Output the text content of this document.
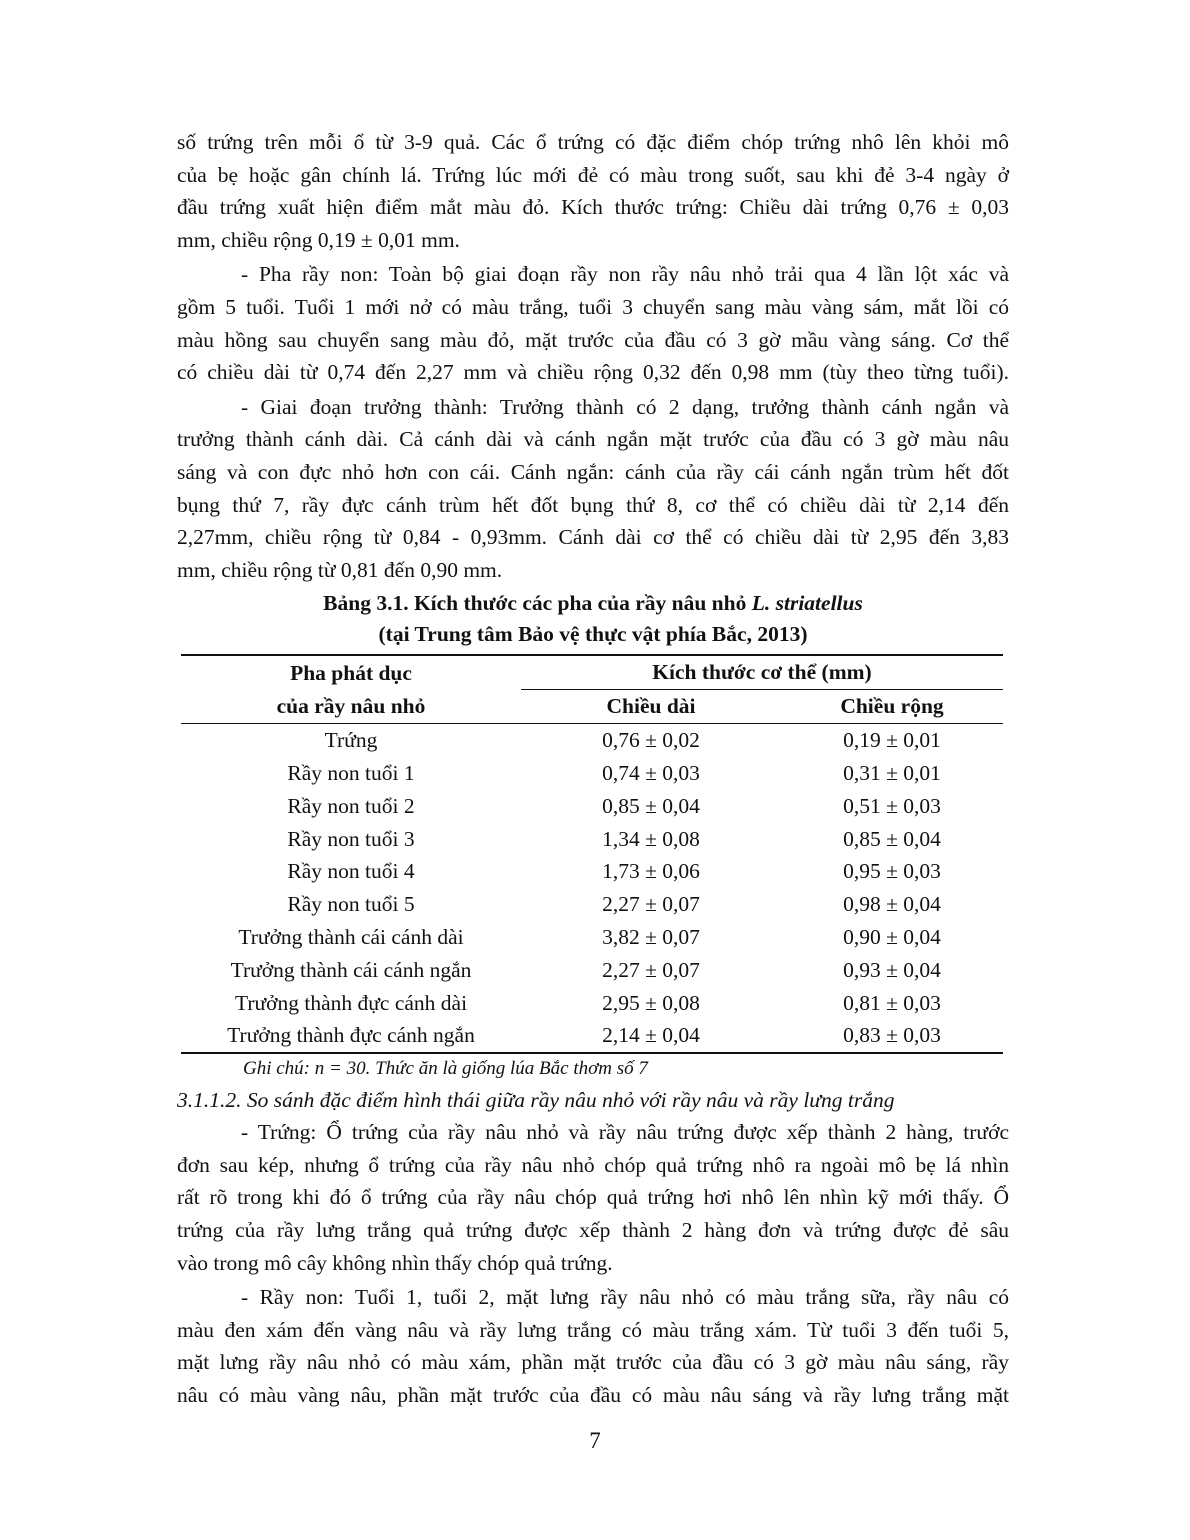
số trứng trên mỗi ổ từ 3-9 quả. Các ổ trứng có đặc điểm chóp trứng nhô lên khỏi mô
của bẹ hoặc gân chính lá. Trứng lúc mới đẻ có màu trong suốt, sau khi đẻ 3-4 ngày ở
đầu trứng xuất hiện điểm mắt màu đỏ. Kích thước trứng: Chiều dài trứng 0,76 ± 0,03
mm, chiều rộng 0,19 ± 0,01 mm.
- Pha rầy non: Toàn bộ giai đoạn rầy non rầy nâu nhỏ trải qua 4 lần lột xác và
gồm 5 tuổi. Tuổi 1 mới nở có màu trắng, tuổi 3 chuyển sang màu vàng sám, mắt lồi có
màu hồng sau chuyển sang màu đỏ, mặt trước của đầu có 3 gờ mầu vàng sáng. Cơ thể
có chiều dài từ 0,74 đến 2,27 mm và chiều rộng 0,32 đến 0,98 mm (tùy theo từng tuổi).
- Giai đoạn trưởng thành: Trưởng thành có 2 dạng, trưởng thành cánh ngắn và
trưởng thành cánh dài. Cả cánh dài và cánh ngắn mặt trước của đầu có 3 gờ màu nâu
sáng và con đực nhỏ hơn con cái. Cánh ngắn: cánh của rầy cái cánh ngắn trùm hết đốt
bụng thứ 7, rầy đực cánh trùm hết đốt bụng thứ 8, cơ thể có chiều dài từ 2,14 đến
2,27mm, chiều rộng từ 0,84 - 0,93mm. Cánh dài cơ thể có chiều dài từ 2,95 đến 3,83
mm, chiều rộng từ 0,81 đến 0,90 mm.
Bảng 3.1. Kích thước các pha của rầy nâu nhỏ L. striatellus
(tại Trung tâm Bảo vệ thực vật phía Bắc, 2013)
Pha phát dục	Kích thước cơ thể (mm)	
của rầy nâu nhỏ	Chiều dài	Chiều rộng
Trứng	0,76 ± 0,02	0,19 ± 0,01
Rầy non tuổi 1	0,74 ± 0,03	0,31 ± 0,01
Rầy non tuổi 2	0,85 ± 0,04	0,51 ± 0,03
Rầy non tuổi 3	1,34 ± 0,08	0,85 ± 0,04
Rầy non tuổi 4	1,73 ± 0,06	0,95 ± 0,03
Rầy non tuổi 5	2,27 ± 0,07	0,98 ± 0,04
Trưởng thành cái cánh dài	3,82 ± 0,07	0,90 ± 0,04
Trưởng thành cái cánh ngắn	2,27 ± 0,07	0,93 ± 0,04
Trưởng thành đực cánh dài	2,95 ± 0,08	0,81 ± 0,03
Trưởng thành đực cánh ngắn	2,14 ± 0,04	0,83 ± 0,03
Ghi chú: n = 30. Thức ăn là giống lúa Bắc thơm số 7
3.1.1.2. So sánh đặc điểm hình thái giữa rầy nâu nhỏ với rầy nâu và rầy lưng trắng
- Trứng: Ổ trứng của rầy nâu nhỏ và rầy nâu trứng được xếp thành 2 hàng, trước
đơn sau kép, nhưng ổ trứng của rầy nâu nhỏ chóp quả trứng nhô ra ngoài mô bẹ lá nhìn
rất rõ trong khi đó ổ trứng của rầy nâu chóp quả trứng hơi nhô lên nhìn kỹ mới thấy. Ổ
trứng của rầy lưng trắng quả trứng được xếp thành 2 hàng đơn và trứng được đẻ sâu
vào trong mô cây không nhìn thấy chóp quả trứng.
- Rầy non: Tuổi 1, tuổi 2, mặt lưng rầy nâu nhỏ có màu trắng sữa, rầy nâu có
màu đen xám đến vàng nâu và rầy lưng trắng có màu trắng xám. Từ tuổi 3 đến tuổi 5,
mặt lưng rầy nâu nhỏ có màu xám, phần mặt trước của đầu có 3 gờ màu nâu sáng, rầy
nâu có màu vàng nâu, phần mặt trước của đầu có màu nâu sáng và rầy lưng trắng mặt
7
